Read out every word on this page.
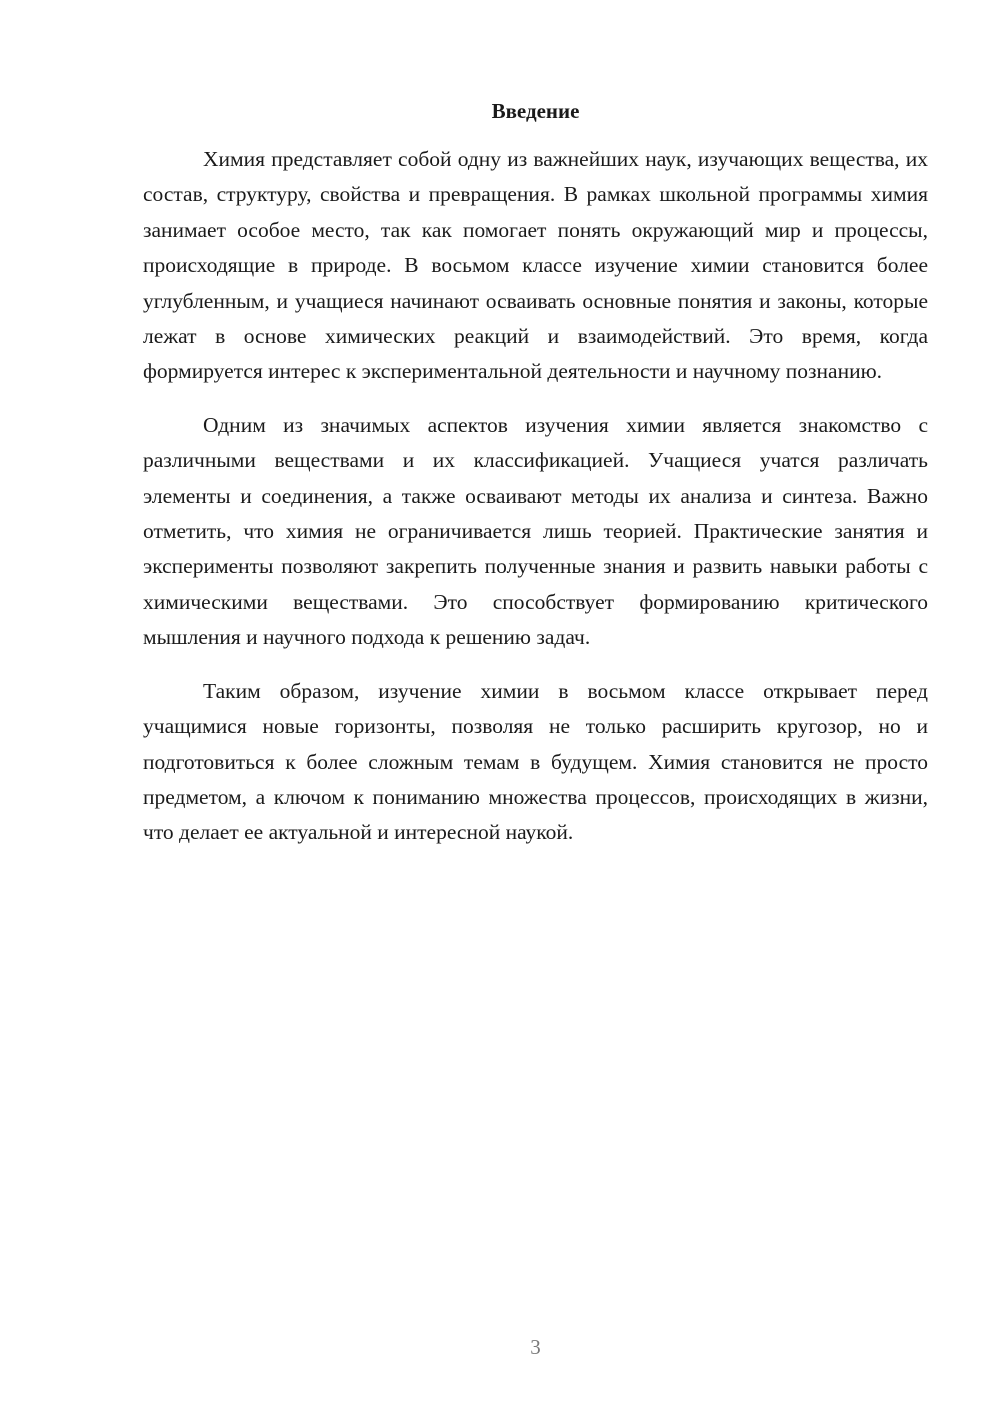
Введение

Химия представляет собой одну из важнейших наук, изучающих вещества, их состав, структуру, свойства и превращения. В рамках школьной программы химия занимает особое место, так как помогает понять окружающий мир и процессы, происходящие в природе. В восьмом классе изучение химии становится более углубленным, и учащиеся начинают осваивать основные понятия и законы, которые лежат в основе химических реакций и взаимодействий. Это время, когда формируется интерес к экспериментальной деятельности и научному познанию.

Одним из значимых аспектов изучения химии является знакомство с различными веществами и их классификацией. Учащиеся учатся различать элементы и соединения, а также осваивают методы их анализа и синтеза. Важно отметить, что химия не ограничивается лишь теорией. Практические занятия и эксперименты позволяют закрепить полученные знания и развить навыки работы с химическими веществами. Это способствует формированию критического мышления и научного подхода к решению задач.

Таким образом, изучение химии в восьмом классе открывает перед учащимися новые горизонты, позволяя не только расширить кругозор, но и подготовиться к более сложным темам в будущем. Химия становится не просто предметом, а ключом к пониманию множества процессов, происходящих в жизни, что делает ее актуальной и интересной наукой.

3
